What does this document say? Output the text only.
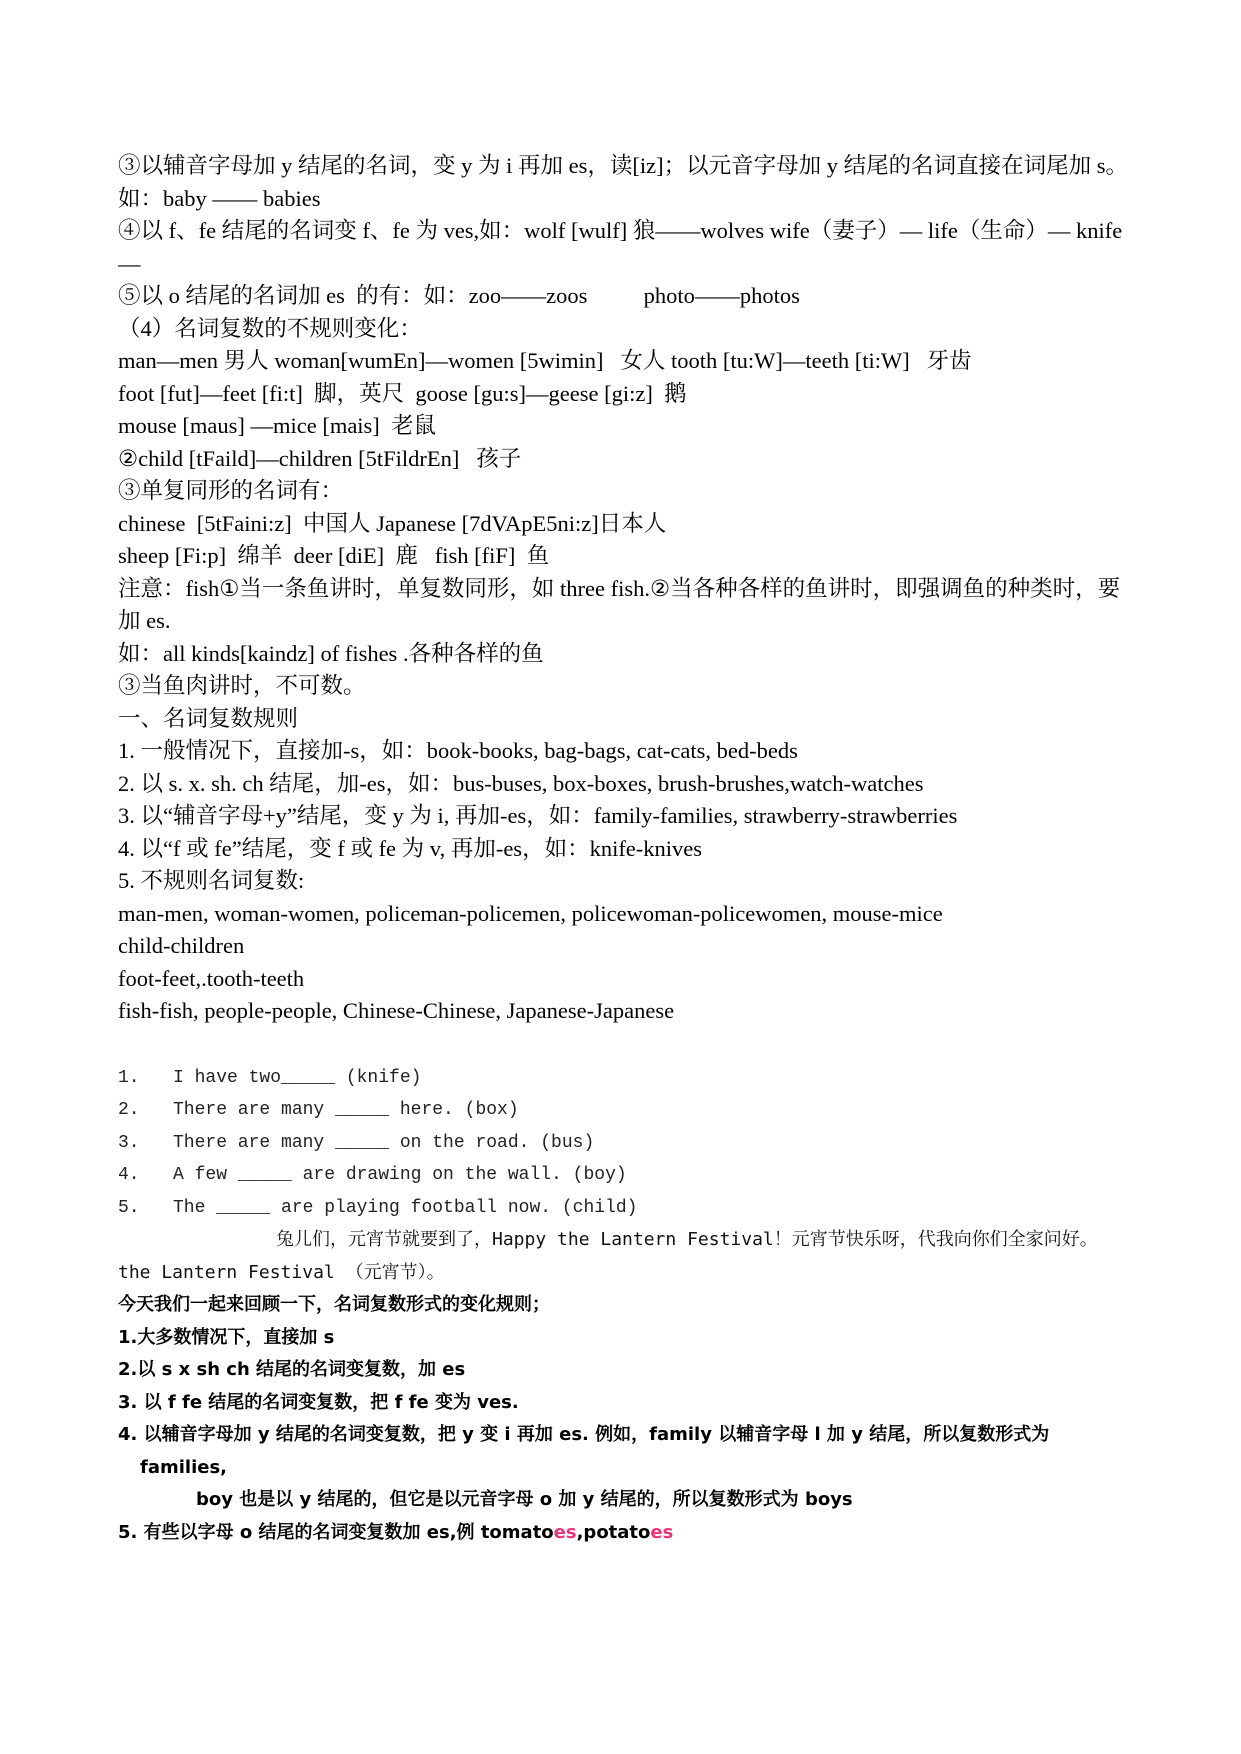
③以辅音字母加 y 结尾的名词，变 y 为 i 再加 es，读[iz]；以元音字母加 y 结尾的名词直接在词尾加 s。

如：baby —— babies

④以 f、fe 结尾的名词变 f、fe 为 ves,如：wolf [wulf] 狼——wolves wife（妻子）— life（生命）— knife —

⑤以 o 结尾的名词加 es  的有：如：zoo——zoos          photo——photos

（4）名词复数的不规则变化：

man—men 男人 woman[wumEn]—women [5wimin]   女人 tooth [tu:W]—teeth [ti:W]   牙齿

foot [fut]—feet [fi:t]  脚，英尺  goose [gu:s]—geese [gi:z]  鹅

mouse [maus] —mice [mais]  老鼠

②child [tFaild]—children [5tFildrEn]   孩子

③单复同形的名词有：

chinese  [5tFaini:z]  中国人 Japanese [7dVApE5ni:z]日本人

sheep [Fi:p]  绵羊  deer [diE]  鹿   fish [fiF]  鱼

注意：fish①当一条鱼讲时，单复数同形，如 three fish.②当各种各样的鱼讲时，即强调鱼的种类时，要加 es.

如：all kinds[kaindz] of fishes .各种各样的鱼

③当鱼肉讲时，不可数。

一、名词复数规则

1. 一般情况下，直接加-s，如：book-books, bag-bags, cat-cats, bed-beds

2. 以 s. x. sh. ch 结尾，加-es，如：bus-buses, box-boxes, brush-brushes,watch-watches

3. 以“辅音字母+y”结尾，变 y 为 i, 再加-es，如：family-families, strawberry-strawberries

4. 以“f 或 fe”结尾，变 f 或 fe 为 v, 再加-es，如：knife-knives

5. 不规则名词复数:

man-men, woman-women, policeman-policemen, policewoman-policewomen, mouse-mice

child-children

foot-feet,.tooth-teeth

fish-fish, people-people, Chinese-Chinese, Japanese-Japanese

1.	I have two_____ (knife)
2.	There are many _____ here. (box)
3.	There are many _____ on the road. (bus)
4.	A few _____ are drawing on the wall. (boy)
5.	The _____ are playing football now. (child)

兔儿们，元宵节就要到了，Happy the Lantern Festival！元宵节快乐呀，代我向你们全家问好。the Lantern Festival （元宵节）。

今天我们一起来回顾一下，名词复数形式的变化规则；

1.大多数情况下，直接加 s

2.以 s x sh ch 结尾的名词变复数，加 es

3. 以 f fe 结尾的名词变复数，把 f fe 变为 ves.

4. 以辅音字母加 y 结尾的名词变复数，把 y 变 i 再加 es. 例如，family 以辅音字母 l 加 y 结尾，所以复数形式为 families,

boy 也是以 y 结尾的，但它是以元音字母 o 加 y 结尾的，所以复数形式为 boys

5. 有些以字母 o 结尾的名词变复数加 es,例 tomatoes,potatoes
